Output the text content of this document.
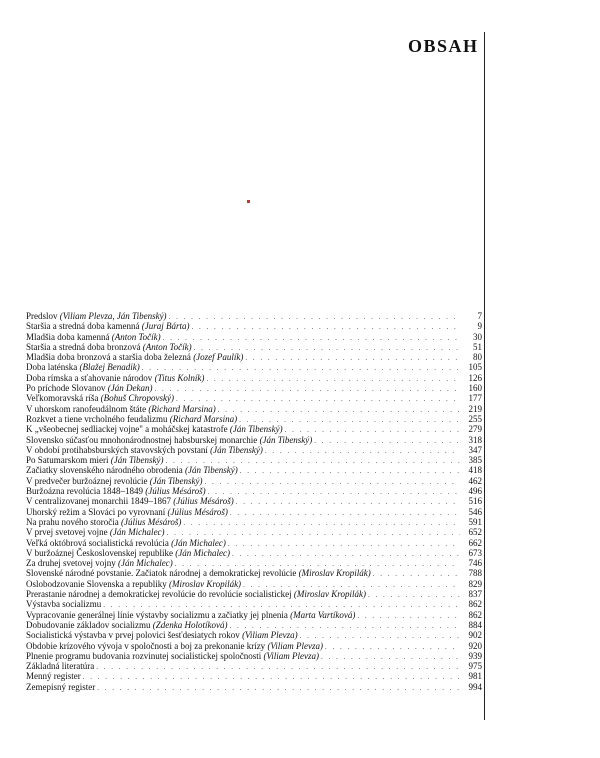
OBSAH
Predslov (Viliam Plevza, Ján Tibenský) . . .	7
Staršia a stredná doba kamenná (Juraj Bárta) . . .	9
Mladšia doba kamenná (Anton Točík) . . .	30
Staršia a stredná doba bronzová (Anton Točík) . . .	51
Mladšia doba bronzová a staršia doba železná (Jozef Paulík) . . .	80
Doba laténska (Blažej Benadik) . . .	105
Doba rímska a sťahovanie národov (Titus Kolník) . . .	126
Po príchode Slovanov (Ján Dekan) . . .	160
Veľkomoravská ríša (Bohuš Chropovský) . . .	177
V uhorskom ranofeudálnom štáte (Richard Marsina) . . .	219
Rozkvet a tiene vrcholného feudalizmu (Richard Marsina) . . .	255
K „všeobecnej sedliackej vojne" a moháčskej katastrofe (Ján Tibenský) . . .	279
Slovensko súčasťou mnohonárodnostnej habsburskej monarchie (Ján Tibenský) . . .	318
V období protihabsburských stavovských povstaní (Ján Tibenský) . . .	347
Po Satumarskom mieri (Ján Tibenský) . . .	385
Začiatky slovenského národného obrodenia (Ján Tibenský) . . .	418
V predvečer buržoáznej revolúcie (Ján Tibenský) . . .	462
Buržoázna revolúcia 1848–1849 (Július Mésároš) . . .	496
V centralizovanej monarchii 1849–1867 (Július Mésároš) . . .	516
Uhorský režim a Slováci po vyrovnaní (Július Mésároš) . . .	546
Na prahu nového storočia (Július Mésároš) . . .	591
V prvej svetovej vojne (Ján Michalec) . . .	652
Veľká októbrová socialistická revolúcia (Ján Michalec) . . .	662
V buržoáznej Československej republike (Ján Michalec) . . .	673
Za druhej svetovej vojny (Ján Michalec) . . .	746
Slovenské národné povstanie. Začiatok národnej a demokratickej revolúcie (Miroslav Kropilák) . . .	788
Oslobodzovanie Slovenska a republiky (Miroslav Kropilák) . . .	829
Prerastanie národnej a demokratickej revolúcie do revolúcie socialistickej (Miroslav Kropilák) . . .	837
Výstavba socializmu . . .	862
Vypracovanie generálnej línie výstavby socializmu a začiatky jej plnenia (Marta Vartíková) . . .	862
Dobudovanie základov socializmu (Zdenka Holotíková) . . .	884
Socialistická výstavba v prvej polovici šesťdesiatych rokov (Viliam Plevza) . . .	902
Obdobie krízového vývoja v spoločnosti a boj za prekonanie krízy (Viliam Plevza) . . .	920
Plnenie programu budovania rozvinutej socialistickej spoločnosti (Viliam Plevza) . . .	939
Základná literatúra . . .	975
Menný register . . .	981
Zemepisný register . . .	994
